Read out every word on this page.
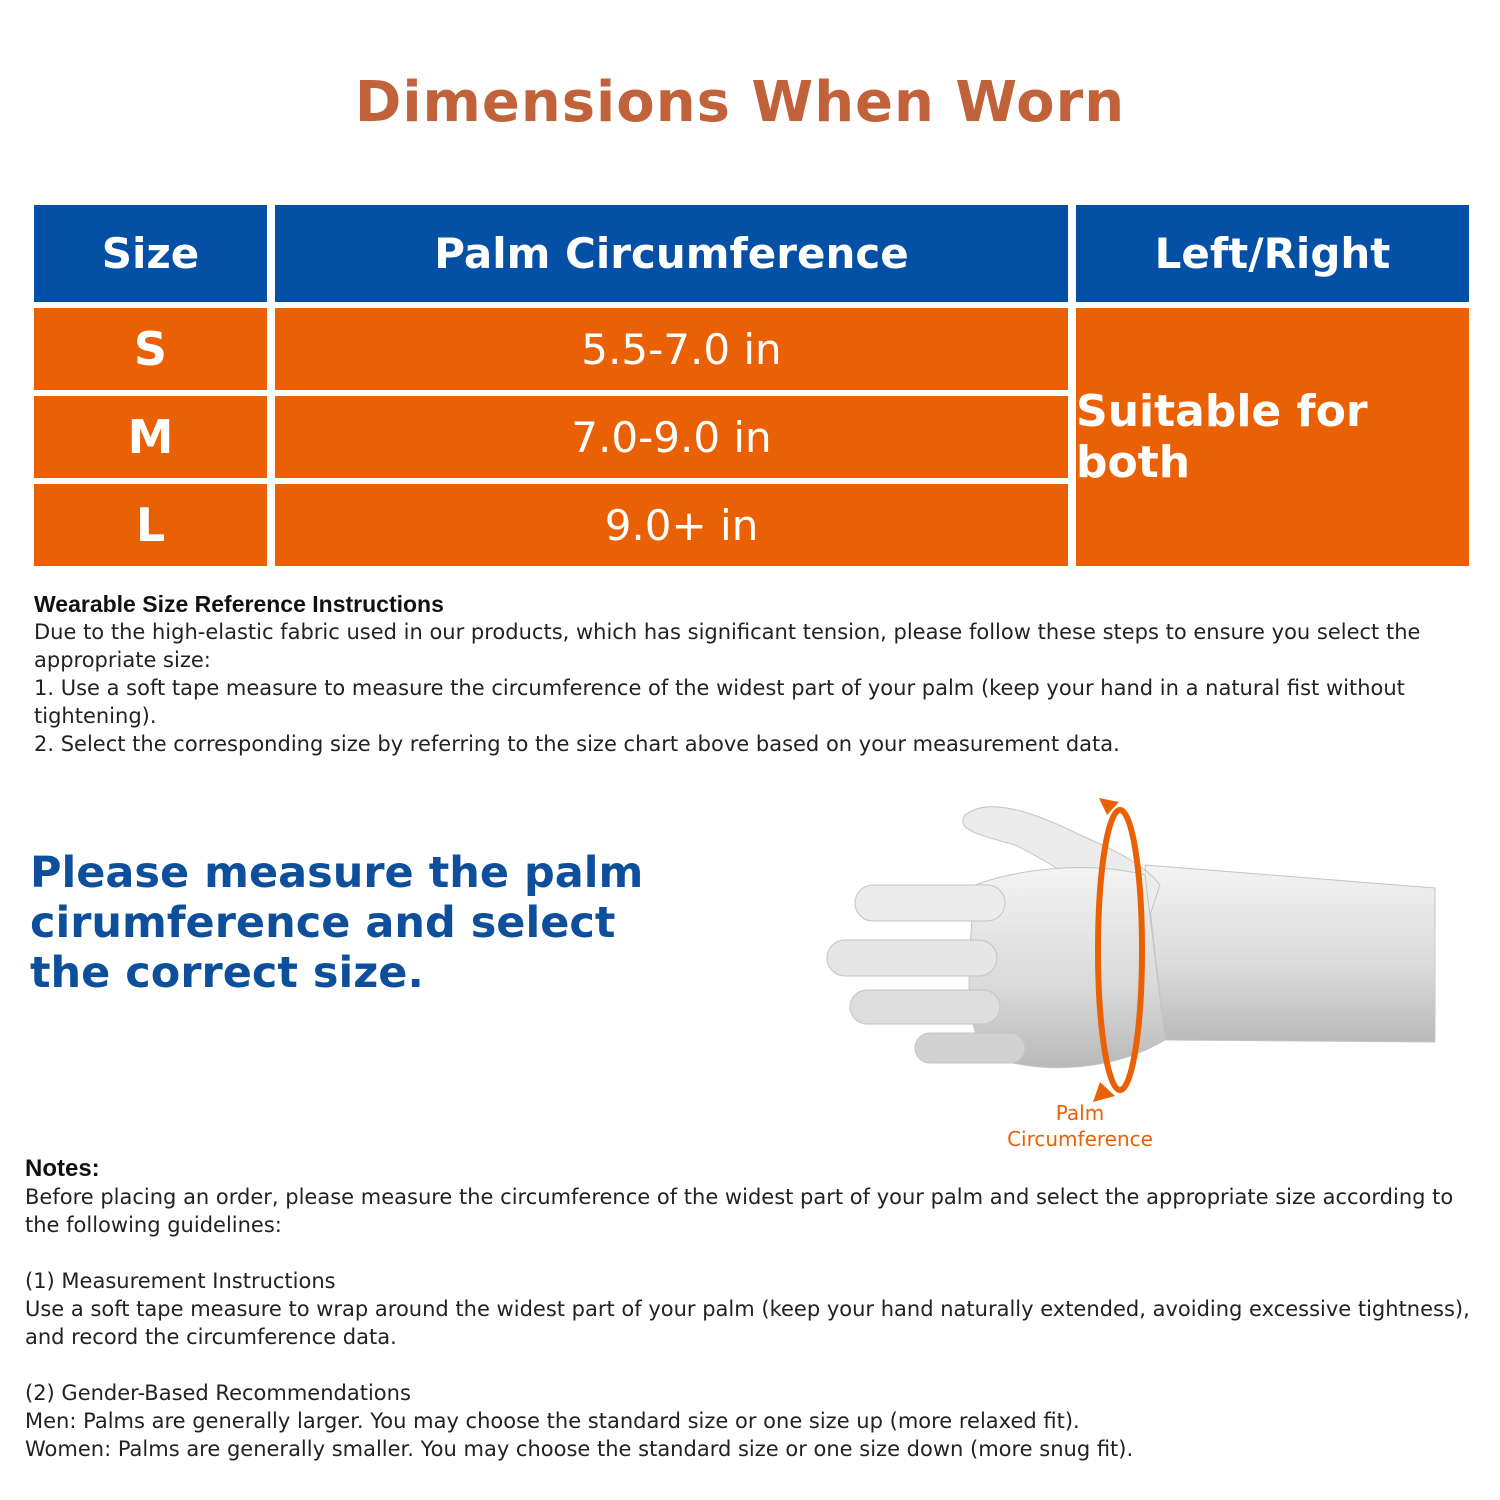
Dimensions When Worn
Size	Palm Circumference	Left/Right
S	5.5-7.0 in
M	7.0-9.0 in
L	9.0+ in
Suitable for both

Wearable Size Reference Instructions

Due to the high-elastic fabric used in our products, which has significant tension, please follow these steps to ensure you select the appropriate size:

1. Use a soft tape measure to measure the circumference of the widest part of your palm (keep your hand in a natural fist without tightening).

2. Select the corresponding size by referring to the size chart above based on your measurement data.

Please measure the palm cirumference and select the correct size.
Palm
Circumference

Notes:

Before placing an order, please measure the circumference of the widest part of your palm and select the appropriate size according to the following guidelines:

(1) Measurement Instructions

Use a soft tape measure to wrap around the widest part of your palm (keep your hand naturally extended, avoiding excessive tightness), and record the circumference data.

(2) Gender-Based Recommendations

Men: Palms are generally larger. You may choose the standard size or one size up (more relaxed fit).

Women: Palms are generally smaller. You may choose the standard size or one size down (more snug fit).
